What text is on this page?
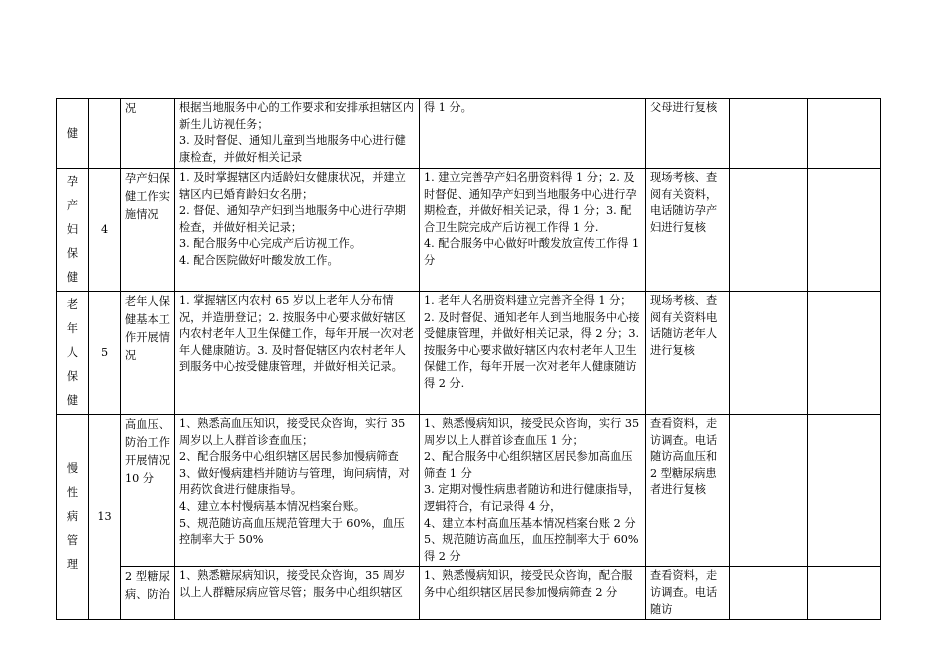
健		况	根据当地服务中心的工作要求和安排承担辖区内新生儿访视任务；
3. 及时督促、通知儿童到当地服务中心进行健康检查，并做好相关记录	得 1 分。	父母进行复核		
孕
产
妇
保
健	4	孕产妇保健工作实施情况	1. 及时掌握辖区内适龄妇女健康状况，并建立辖区内已婚育龄妇女名册；
2. 督促、通知孕产妇到当地服务中心进行孕期检查，并做好相关记录；
3. 配合服务中心完成产后访视工作。
4. 配合医院做好叶酸发放工作。	1. 建立完善孕产妇名册资料得 1 分；2. 及时督促、通知孕产妇到当地服务中心进行孕期检查，并做好相关记录，得 1 分；3. 配合卫生院完成产后访视工作得 1 分.
4. 配合服务中心做好叶酸发放宣传工作得 1 分	现场考核、查阅有关资料，电话随访孕产妇进行复核		
老
年
人
保
健	5	老年人保健基本工作开展情况	1. 掌握辖区内农村 65 岁以上老年人分布情况，并造册登记；2. 按服务中心要求做好辖区内农村老年人卫生保健工作，每年开展一次对老年人健康随访。3. 及时督促辖区内农村老年人到服务中心按受健康管理，并做好相关记录。	1. 老年人名册资料建立完善齐全得 1 分；2. 及时督促、通知老年人到当地服务中心接受健康管理，并做好相关记录，得 2 分；3. 按服务中心要求做好辖区内农村老年人卫生保健工作，每年开展一次对老年人健康随访得 2 分.	现场考核、查阅有关资料电话随访老年人进行复核		
慢
性
病
管
理	13	高血压、防治工作开展情况 10 分	1、熟悉高血压知识，接受民众咨询，实行 35 周岁以上人群首诊查血压；
2、配合服务中心组织辖区居民参加慢病筛查
3、做好慢病建档并随访与管理，询问病情，对用药饮食进行健康指导。
4、建立本村慢病基本情况档案台账。
5、规范随访高血压规范管理大于 60%，血压控制率大于 50%	1、熟悉慢病知识，接受民众咨询，实行 35 周岁以上人群首诊查血压 1 分；
2、配合服务中心组织辖区居民参加高血压筛查 1 分
3. 定期对慢性病患者随访和进行健康指导，逻辑符合，有记录得 4 分，
4、建立本村高血压基本情况档案台账 2 分
5、规范随访高血压，血压控制率大于 60% 得 2 分	查看资料，走访调查。电话随访高血压和 2 型糖尿病患者进行复核		
		2 型糖尿病、防治	1、熟悉糖尿病知识，接受民众咨询，35 周岁以上人群糖尿病应管尽管；服务中心组织辖区	1、熟悉慢病知识，接受民众咨询，配合服务中心组织辖区居民参加慢病筛查 2 分	查看资料，走访调查。电话随访		
